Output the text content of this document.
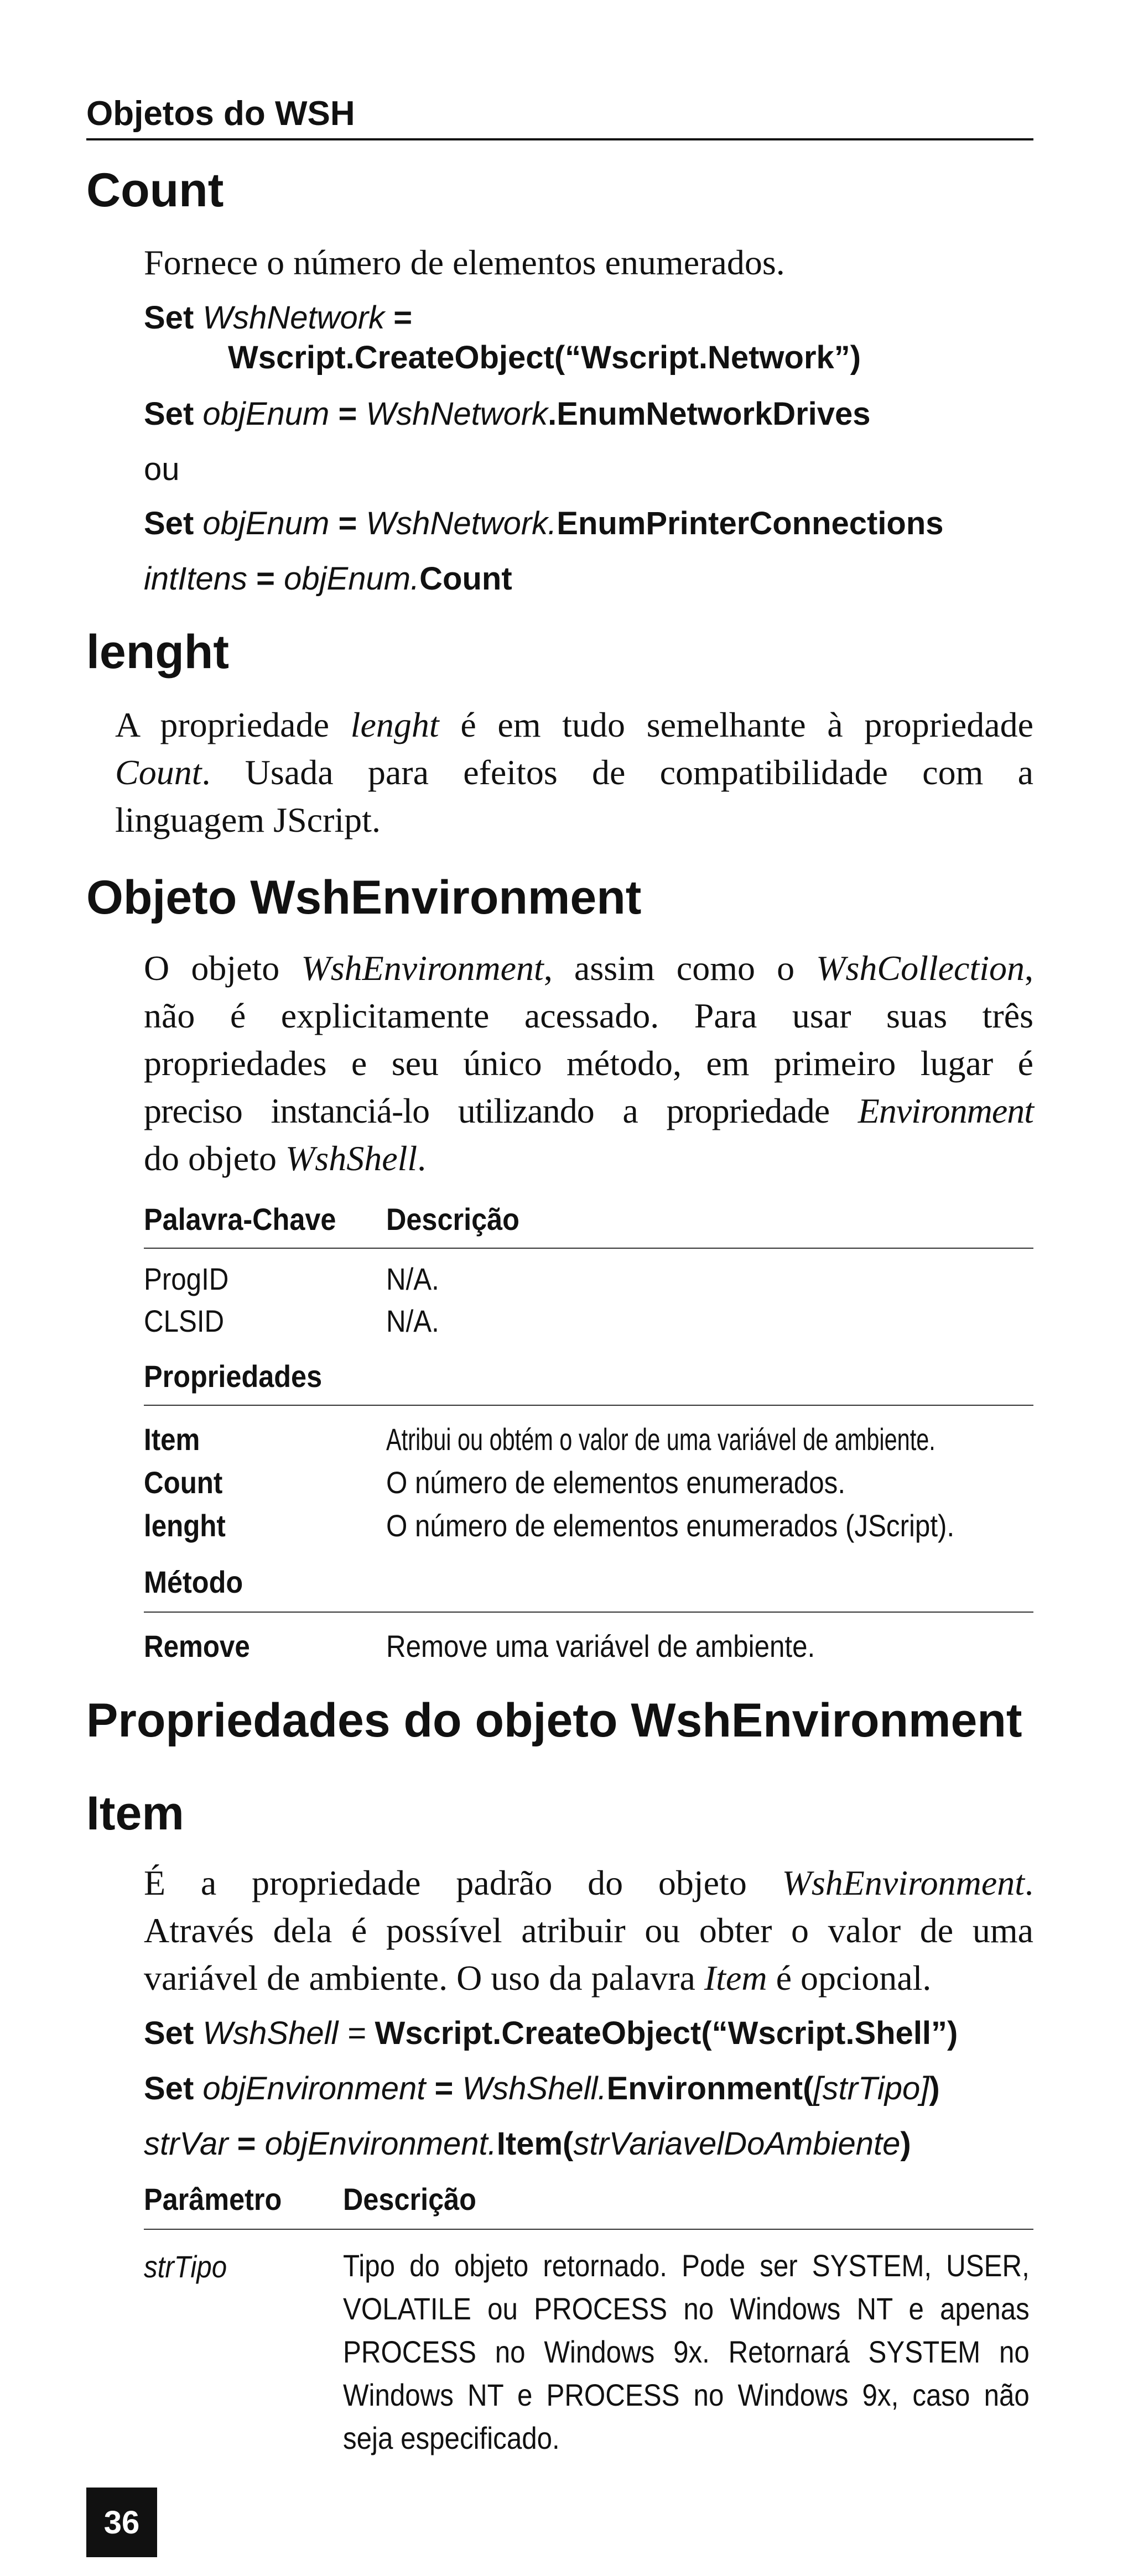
Objetos do WSH
Count
Fornece o número de elementos enumerados.
Set WshNetwork =
Wscript.CreateObject(“Wscript.Network”)
Set objEnum = WshNetwork.EnumNetworkDrives
ou
Set objEnum = WshNetwork.EnumPrinterConnections
intItens = objEnum.Count
lenght
A propriedade lenght é em tudo semelhante à propriedade
Count. Usada para efeitos de compatibilidade com a
linguagem JScript.
Objeto WshEnvironment
O objeto WshEnvironment, assim como o WshCollection,
não é explicitamente acessado. Para usar suas três
propriedades e seu único método, em primeiro lugar é
preciso instanciá-lo utilizando a propriedade Environment
do objeto WshShell.
Palavra-Chave Descrição
ProgID	N/A.
CLSID	N/A.
Propriedades
Item	Atribui ou obtém o valor de uma variável de ambiente.
Count	O número de elementos enumerados.
lenght	O número de elementos enumerados (JScript).
Método
Remove	Remove uma variável de ambiente.
Propriedades do objeto WshEnvironment
Item
É a propriedade padrão do objeto WshEnvironment.
Através dela é possível atribuir ou obter o valor de uma
variável de ambiente. O uso da palavra Item é opcional.
Set WshShell = Wscript.CreateObject(“Wscript.Shell”)
Set objEnvironment = WshShell.Environment([strTipo])
strVar = objEnvironment.Item(strVariavelDoAmbiente)
Parâmetro Descrição
strTipo	Tipo do objeto retornado. Pode ser SYSTEM, USER,
VOLATILE ou PROCESS no Windows NT e apenas
PROCESS no Windows 9x. Retornará SYSTEM no
Windows NT e PROCESS no Windows 9x, caso não
seja especificado.
36
